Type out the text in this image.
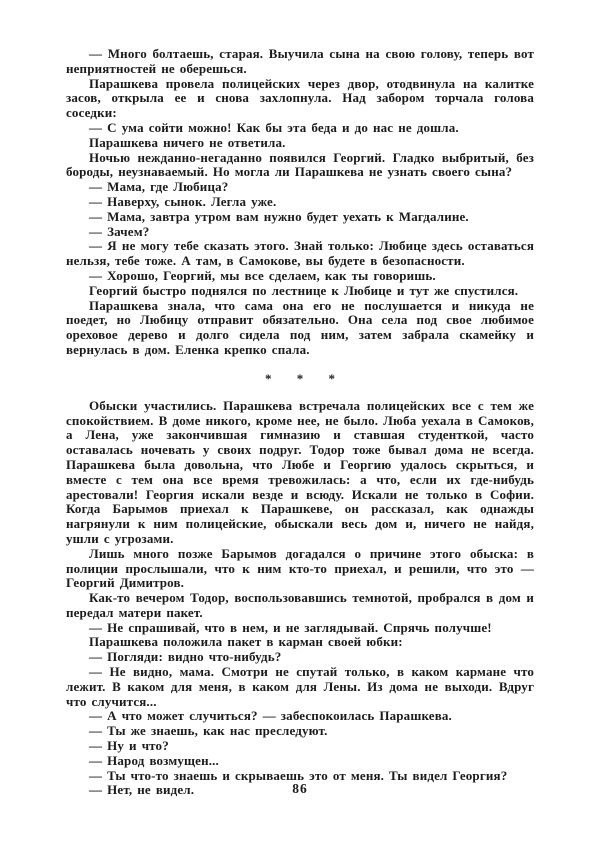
— Много болтаешь, старая. Выучила сына на свою голову, теперь вот неприятностей не оберешься.

Парашкева провела полицейских через двор, отодвинула на калитке засов, открыла ее и снова захлопнула. Над забором торчала голова соседки:

— С ума сойти можно! Как бы эта беда и до нас не дошла.

Парашкева ничего не ответила.

Ночью нежданно-негаданно появился Георгий. Гладко выбритый, без бороды, неузнаваемый. Но могла ли Парашкева не узнать своего сына?

— Мама, где Любица?

— Наверху, сынок. Легла уже.

— Мама, завтра утром вам нужно будет уехать к Магдалине.

— Зачем?

— Я не могу тебе сказать этого. Знай только: Любице здесь оставаться нельзя, тебе тоже. А там, в Самокове, вы будете в безопасности.

— Хорошо, Георгий, мы все сделаем, как ты говоришь.

Георгий быстро поднялся по лестнице к Любице и тут же спустился.

Парашкева знала, что сама она его не послушается и никуда не поедет, но Любицу отправит обязательно. Она села под свое любимое ореховое дерево и долго сидела под ним, затем забрала скамейку и вернулась в дом. Еленка крепко спала.

* * *

Обыски участились. Парашкева встречала полицейских все с тем же спокойствием. В доме никого, кроме нее, не было. Люба уехала в Самоков, а Лена, уже закончившая гимназию и ставшая студенткой, часто оставалась ночевать у своих подруг. Тодор тоже бывал дома не всегда. Парашкева была довольна, что Любе и Георгию удалось скрыться, и вместе с тем она все время тревожилась: а что, если их где-нибудь арестовали! Георгия искали везде и всюду. Искали не только в Софии. Когда Барымов приехал к Парашкеве, он рассказал, как однажды нагрянули к ним полицейские, обыскали весь дом и, ничего не найдя, ушли с угрозами.

Лишь много позже Барымов догадался о причине этого обыска: в полиции прослышали, что к ним кто-то приехал, и решили, что это — Георгий Димитров.

Как-то вечером Тодор, воспользовавшись темнотой, пробрался в дом и передал матери пакет.

— Не спрашивай, что в нем, и не заглядывай. Спрячь получше!

Парашкева положила пакет в карман своей юбки:

— Погляди: видно что-нибудь?

— Не видно, мама. Смотри не спутай только, в каком кармане что лежит. В каком для меня, в каком для Лены. Из дома не выходи. Вдруг что случится...

— А что может случиться? — забеспокоилась Парашкева.

— Ты же знаешь, как нас преследуют.

— Ну и что?

— Народ возмущен...

— Ты что-то знаешь и скрываешь это от меня. Ты видел Георгия?

— Нет, не видел.	86
